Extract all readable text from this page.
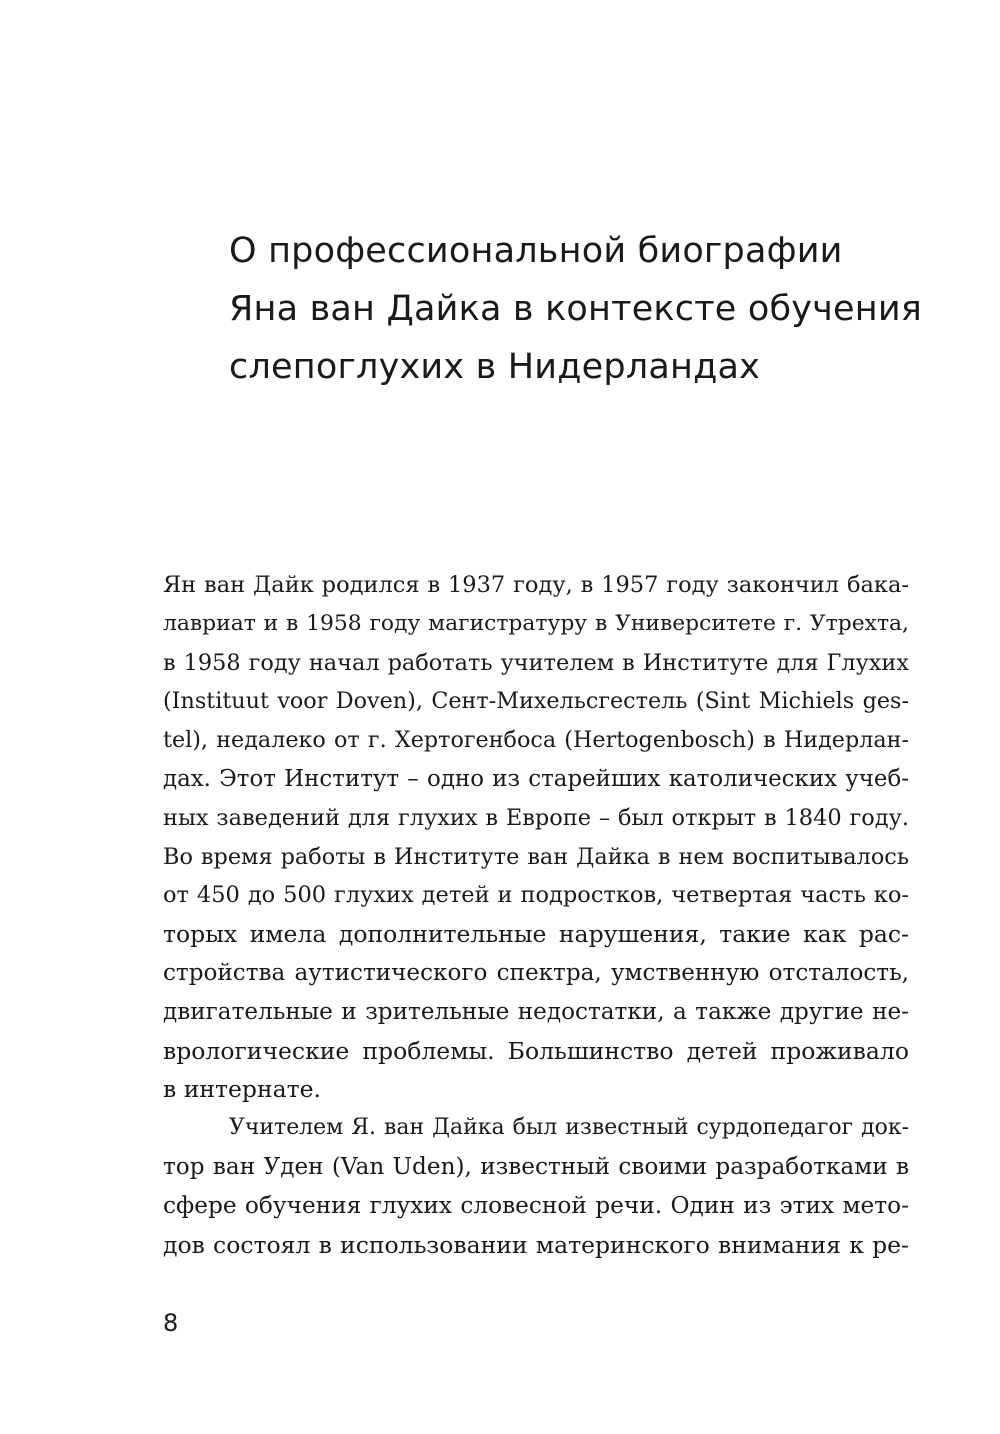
О профессиональной биографии
Яна ван Дайка в контексте обучения
слепоглухих в Нидерландах
Ян ван Дайк родился в 1937 году, в 1957 году закончил бака-
лавриат и в 1958 году магистратуру в Университете г. Утрехта,
в 1958 году начал работать учителем в Институте для Глухих
(Instituut voor Doven), Сент-Михельсгестель (Sint Michiels ges-
tel), недалеко от г. Хертогенбоса (Hertogenbosch) в Нидерлан-
дах. Этот Институт – одно из старейших католических учеб-
ных заведений для глухих в Европе – был открыт в 1840 году.
Во время работы в Институте ван Дайка в нем воспитывалось
от 450 до 500 глухих детей и подростков, четвертая часть ко-
торых имела дополнительные нарушения, такие как рас-
стройства аутистического спектра, умственную отсталость,
двигательные и зрительные недостатки, а также другие не-
врологические проблемы. Большинство детей проживало
в интернате.
Учителем Я. ван Дайка был известный сурдопедагог док-
тор ван Уден (Van Uden), известный своими разработками в
сфере обучения глухих словесной речи. Один из этих мето-
дов состоял в использовании материнского внимания к ре-
8
